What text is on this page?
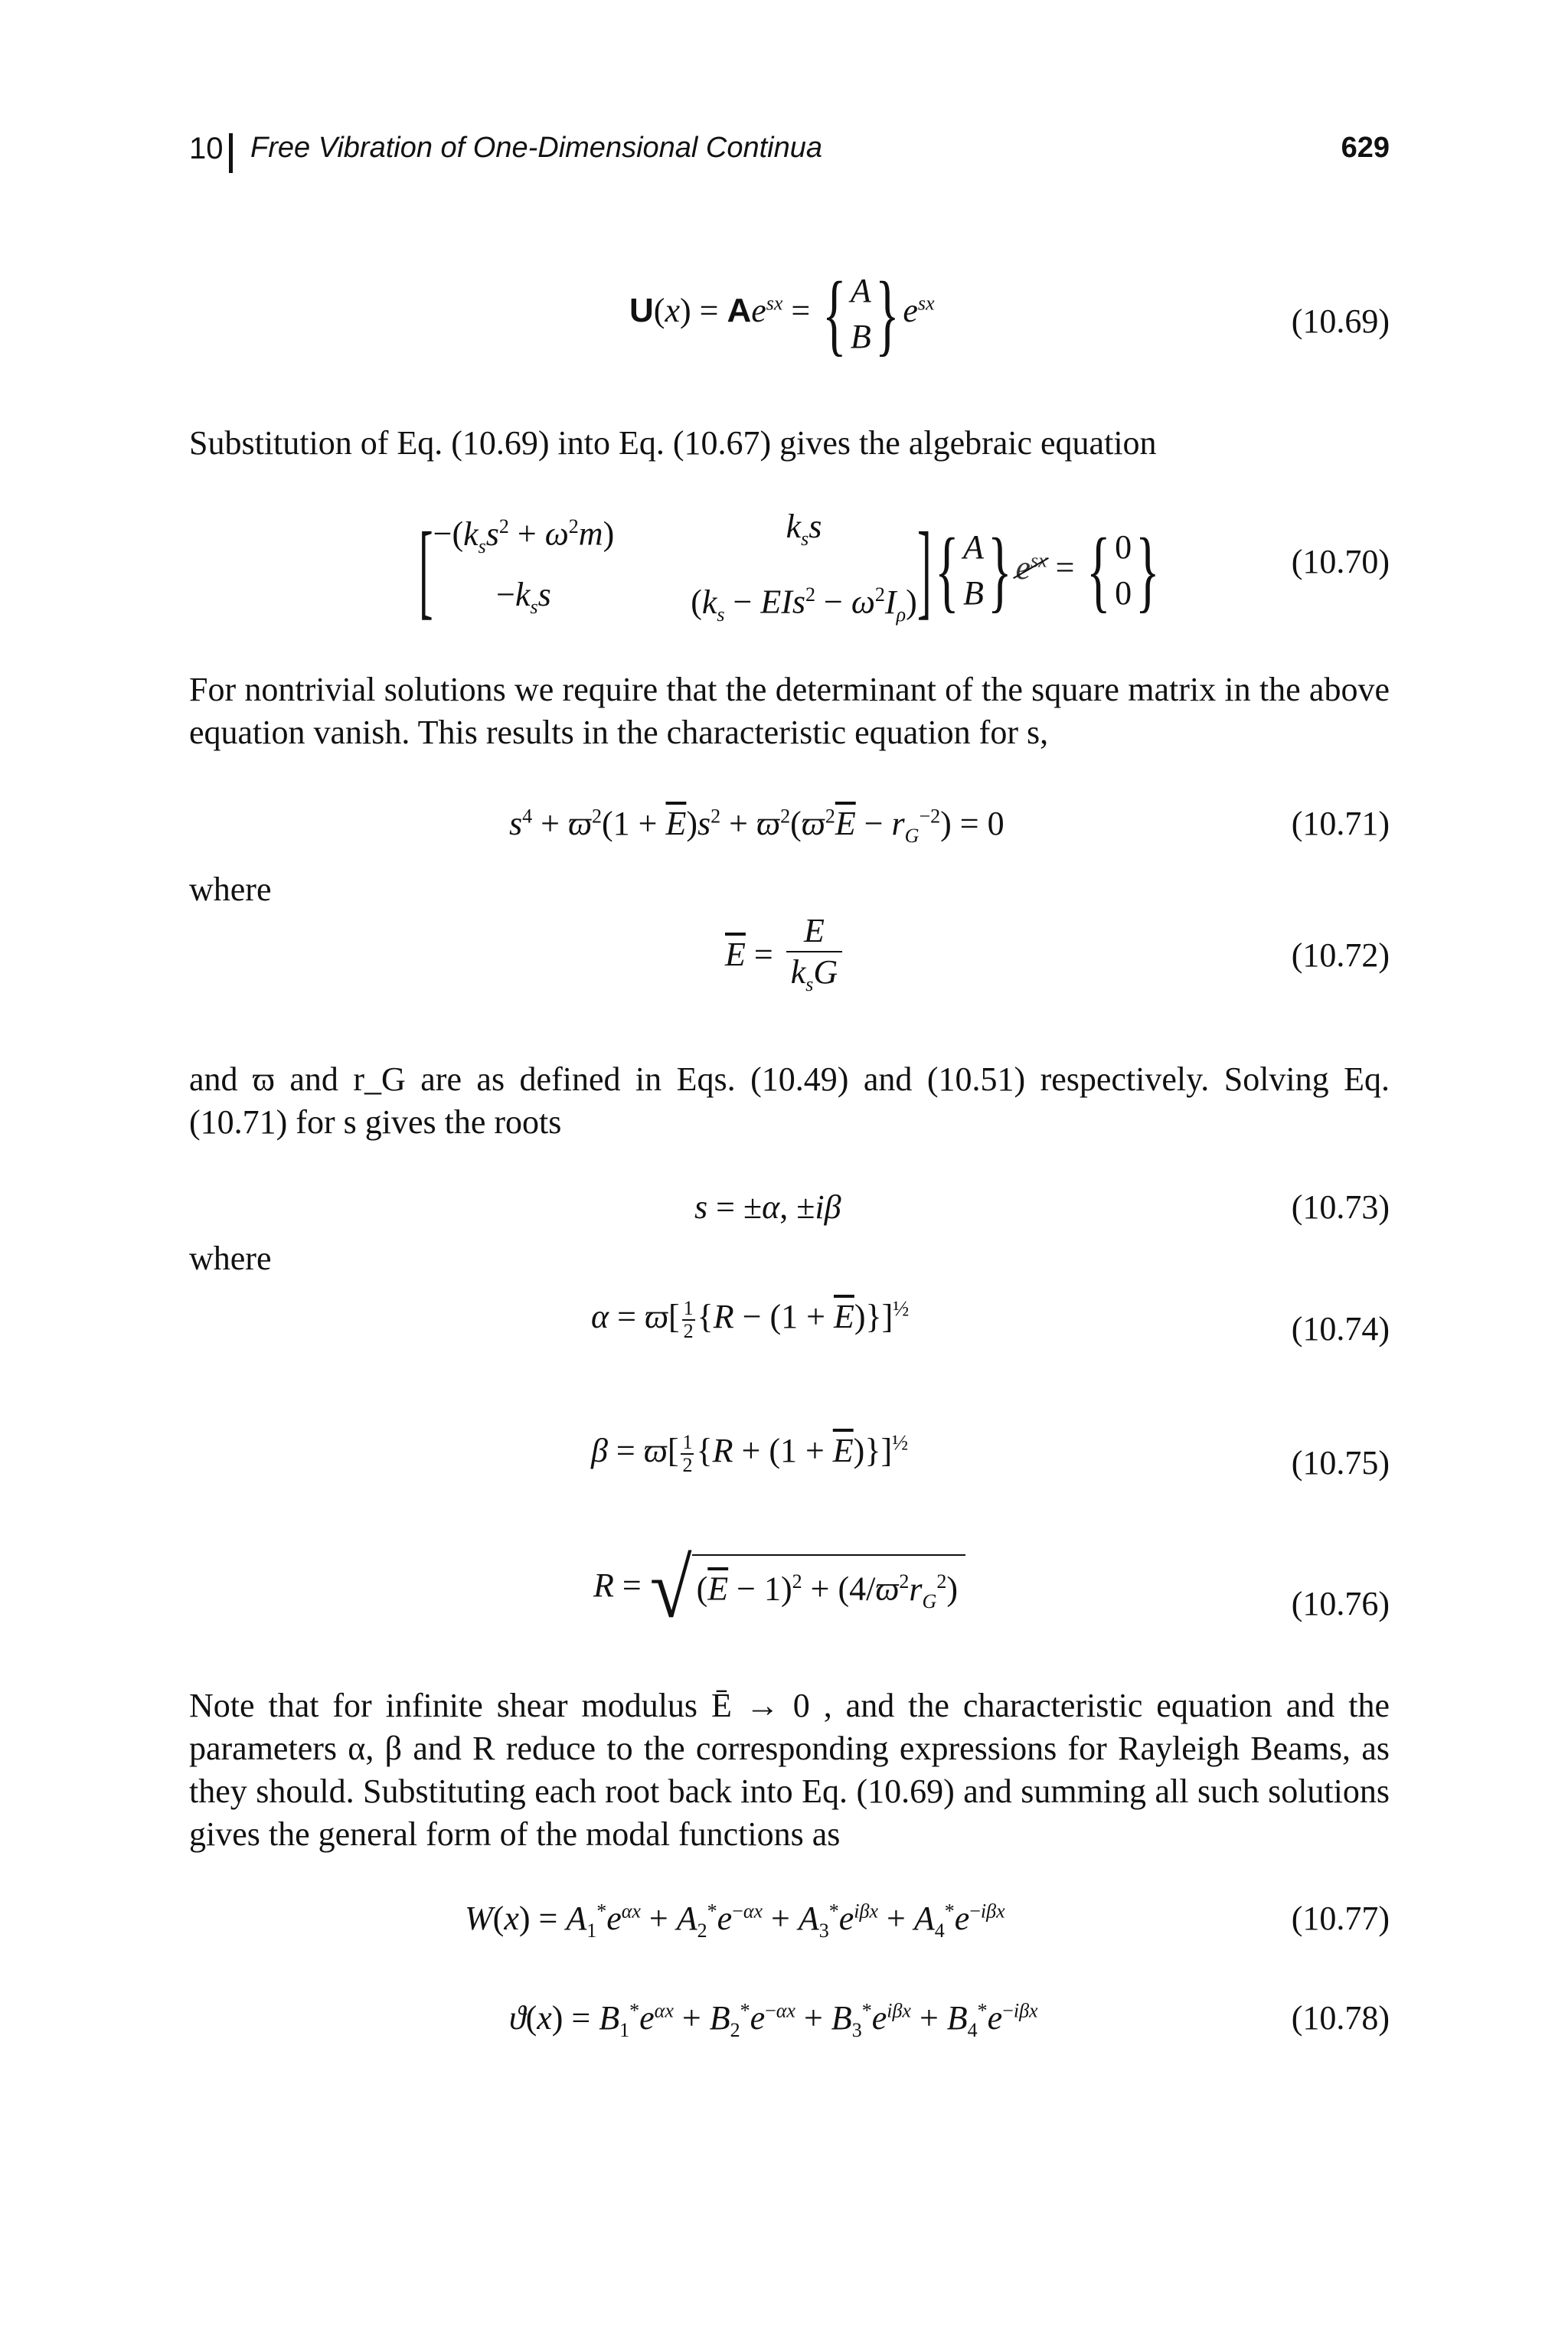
10 Free Vibration of One-Dimensional Continua	629
$U(x) = Ae^{sx}$ = { A
B } $e^{sx}$	(10.69)
Substitution of Eq. (10.69) into Eq. (10.67) gives the algebraic equation
[ $-(k_ss^2 + \omega^2m)$	$k_ss$
$-k_ss$	$(k_s - EIs^2 - \omega^2I_\rho)$ ]{ A
B } $e^{sx}$ = { 0
0 }	(10.70)
For nontrivial solutions we require that the determinant of the square matrix in the above equation vanish. This results in the characteristic equation for s,
$s^4 + ϖ^2(1 + \overline{E})s^2 + ϖ^2(ϖ^2\overline{E} - r_G^{-2}) = 0$	(10.71)
where
$\overline{E} = \frac{E}{k_sG}$	(10.72)
and ϖ and r_G are as defined in Eqs. (10.49) and (10.51) respectively. Solving Eq. (10.71) for s gives the roots
s = ±α, ±iβ	(10.73)
where
$\alpha = ϖ[ \frac{1}{2} \{R - (1 + \overline{E})\}]^{\frac{1}{2}}$
(10.74)
$\beta = ϖ[ \frac{1}{2} \{R + (1 + \overline{E})\}]^{\frac{1}{2}}$
(10.75)
R = √ $(\overline{E} - 1)^2 + (4/ϖ^2r_G^2)$	(10.76)
Note that for infinite shear modulus Ē → 0 , and the characteristic equation and the parameters α, β and R reduce to the corresponding expressions for Rayleigh Beams, as they should. Substituting each root back into Eq. (10.69) and summing all such solutions gives the general form of the modal functions as
$W(x) = A_1^*e^{\alpha x} + A_2^*e^{-\alpha x} + A_3^*e^{i\beta x} + A_4^*e^{-i\beta x}$	(10.77)
$ϑ(x) = B_1^*e^{\alpha x} + B_2^*e^{-\alpha x} + B_3^*e^{i\beta x} + B_4^*e^{-i\beta x}$	(10.78)
